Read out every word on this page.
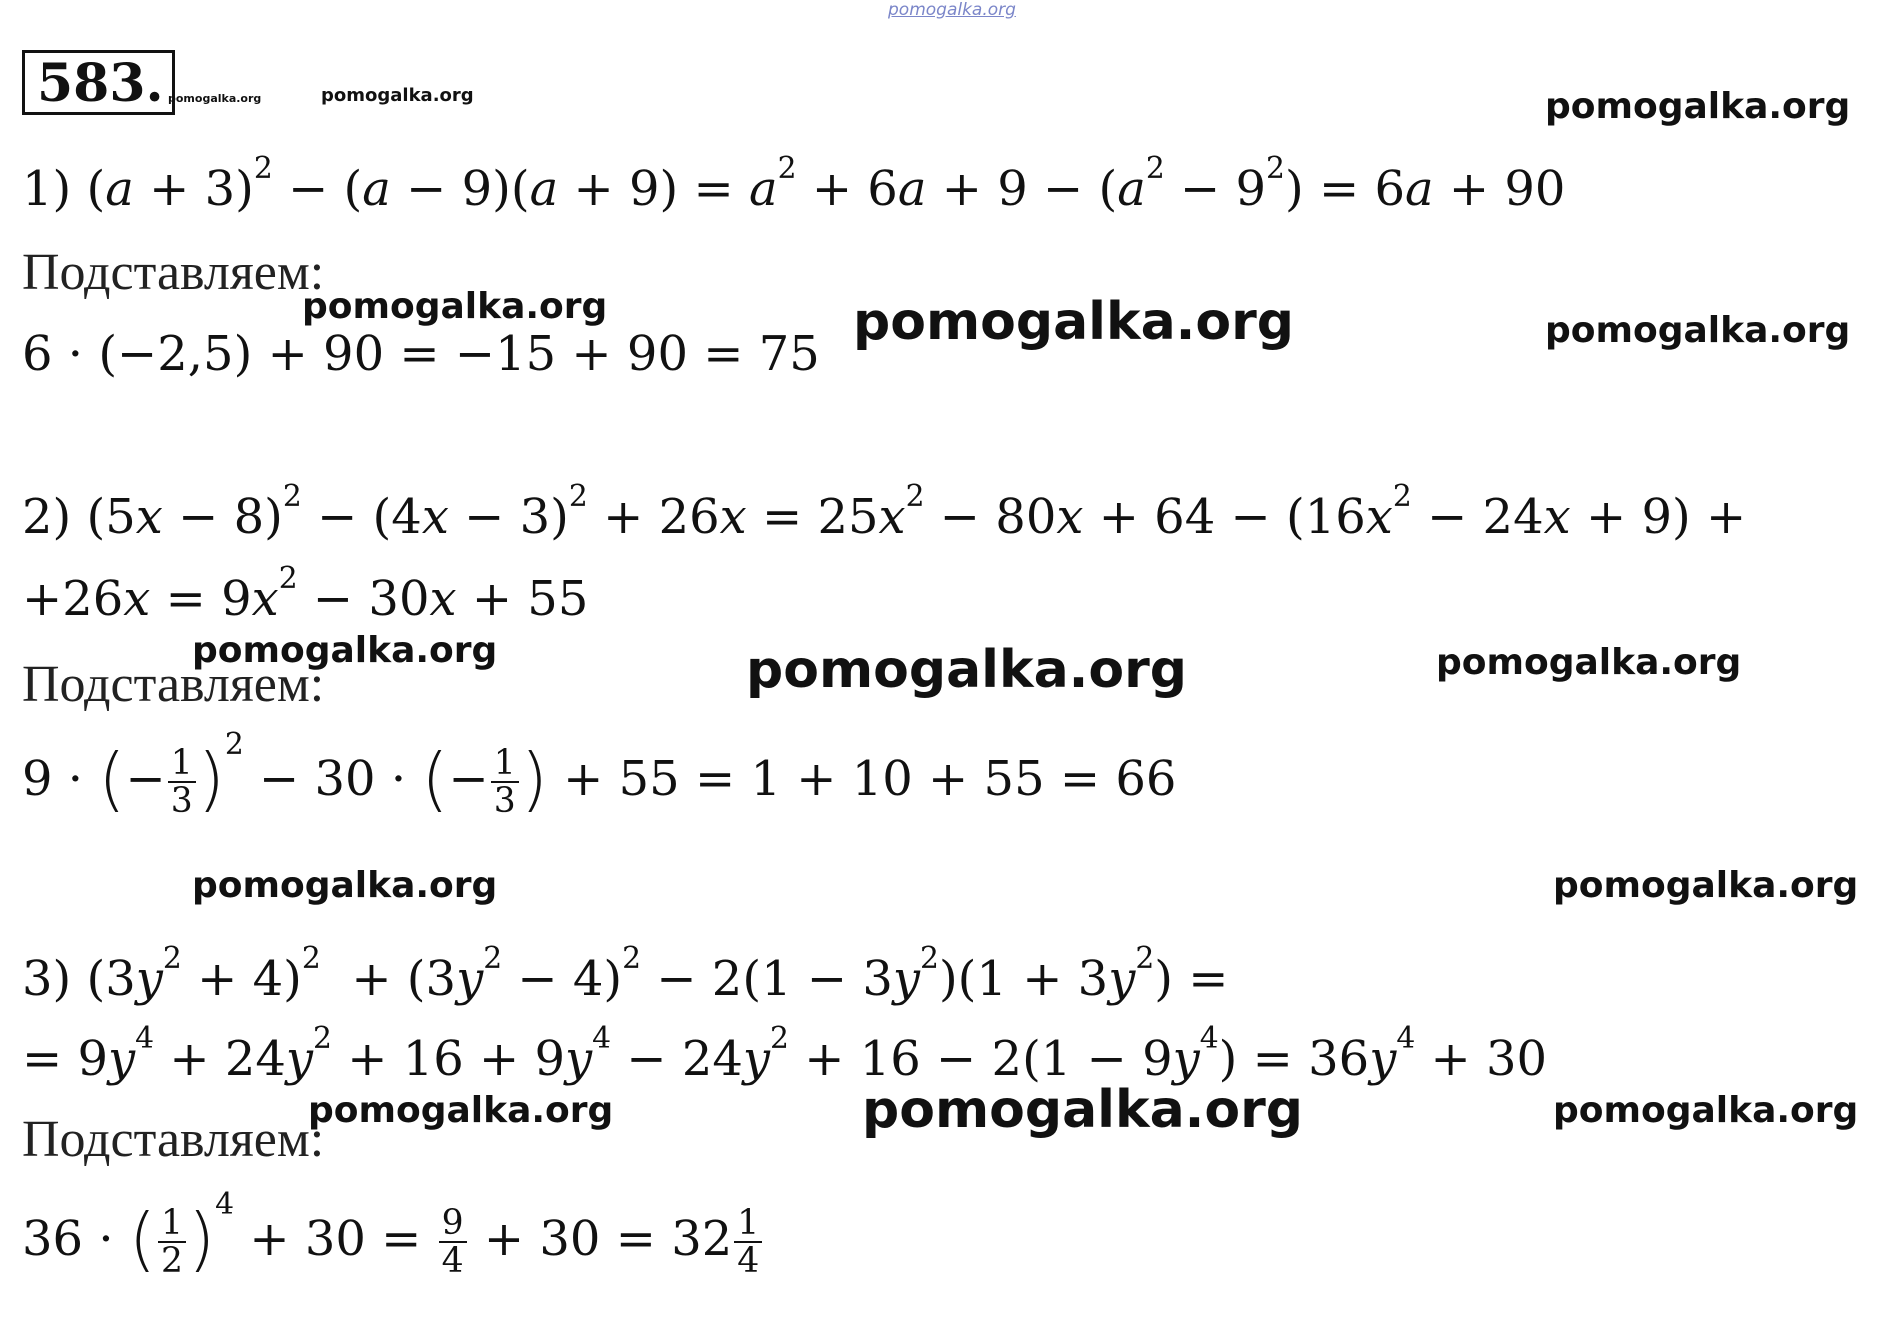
pomogalka.org
583. pomogalka.org	pomogalka.org	pomogalka.org
1) $(a + 3)^2 - (a - 9)(a + 9) = a^2 + 6a + 9 - (a^2 - 9^2) = 6a + 90$
Подставляем:
pomogalka.org
6 · (−2,5) + 90 = −15 + 90 = 75
pomogalka.org	pomogalka.org
2) $(5x - 8)^2 - (4x - 3)^2 + 26x = 25x^2 - 80x + 64 - (16x^2 - 24x + 9)$ +
$+26x = 9x^2 - 30x + 55$
pomogalka.org
Подставляем:	pomogalka.org	pomogalka.org
9 · (− $\frac{1}{3} )^2 - 30$ · (− $\frac{1}{3}$ ) + 55 = 1 + 10 + 55 = 66
pomogalka.org	pomogalka.org
3) $(3y^2 + 4)^2 + (3y^2 - 4)^2 - 2(1 - 3y^2)(1 + 3y^2)$ =
= $9y^4 + 24y^2 + 16 + 9y^4 - 24y^2 + 16 - 2(1 - 9y^4) = 36y^4 + 30$
pomogalka.org	pomogalka.org	pomogalka.org
Подставляем:
36 · ( $\frac{1}{2} )^4 + 30 = \frac{9}{4} + 30 = 32 \frac{1}{4}$
